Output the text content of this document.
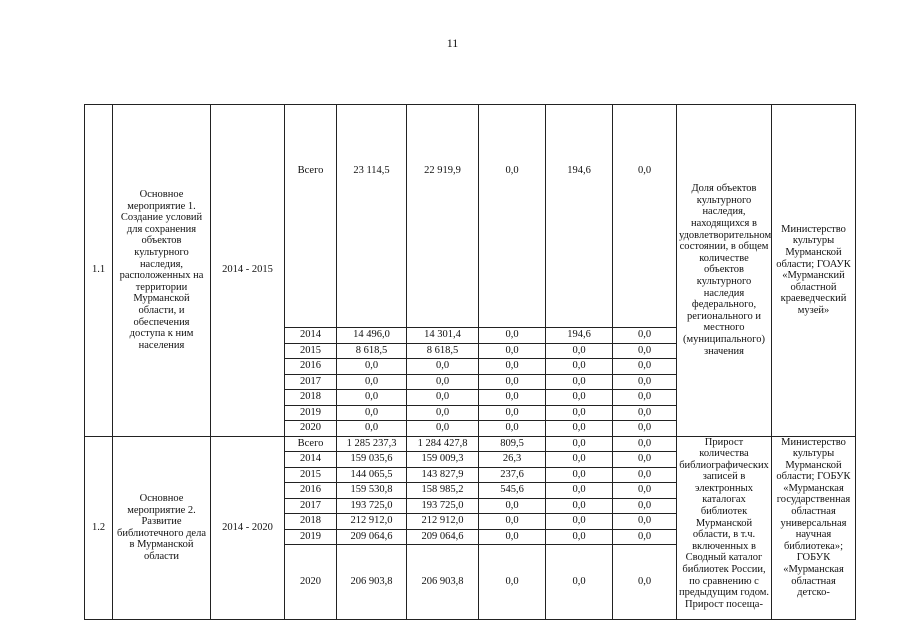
11
1.1	Основное мероприятие 1. Создание условий для сохранения объектов культурного наследия, расположенных на территории Мурманской области, и обеспечения доступа к ним населения	2014 - 2015	Всего	23 114,5	22 919,9	0,0	194,6	0,0	Доля объектов культурного наследия, находящихся в удовлетворительном состоянии, в общем количестве объектов культурного наследия федерального, регионального и местного (муниципального) значения	Министерство культуры Мурманской области; ГОАУК «Мурманский областной краеведческий музей»
			2014	14 496,0	14 301,4	0,0	194,6	0,0		
			2015	8 618,5	8 618,5	0,0	0,0	0,0		
			2016	0,0	0,0	0,0	0,0	0,0		
			2017	0,0	0,0	0,0	0,0	0,0		
			2018	0,0	0,0	0,0	0,0	0,0		
			2019	0,0	0,0	0,0	0,0	0,0		
			2020	0,0	0,0	0,0	0,0	0,0		
1.2	Основное мероприятие 2. Развитие библиотечного дела в Мурманской области	2014 - 2020	Всего	1 285 237,3	1 284 427,8	809,5	0,0	0,0	Прирост количества библиографических записей в электронных каталогах библиотек Мурманской области, в т.ч. включенных в Сводный каталог библиотек России, по сравнению с предыдущим годом. Прирост посеща-	Министерство культуры Мурманской области; ГОБУК «Мурманская государственная областная универсальная научная библиотека»; ГОБУК «Мурманская областная детско-
			2014	159 035,6	159 009,3	26,3	0,0	0,0		
			2015	144 065,5	143 827,9	237,6	0,0	0,0		
			2016	159 530,8	158 985,2	545,6	0,0	0,0		
			2017	193 725,0	193 725,0	0,0	0,0	0,0		
			2018	212 912,0	212 912,0	0,0	0,0	0,0		
			2019	209 064,6	209 064,6	0,0	0,0	0,0		
			2020	206 903,8	206 903,8	0,0	0,0	0,0		
